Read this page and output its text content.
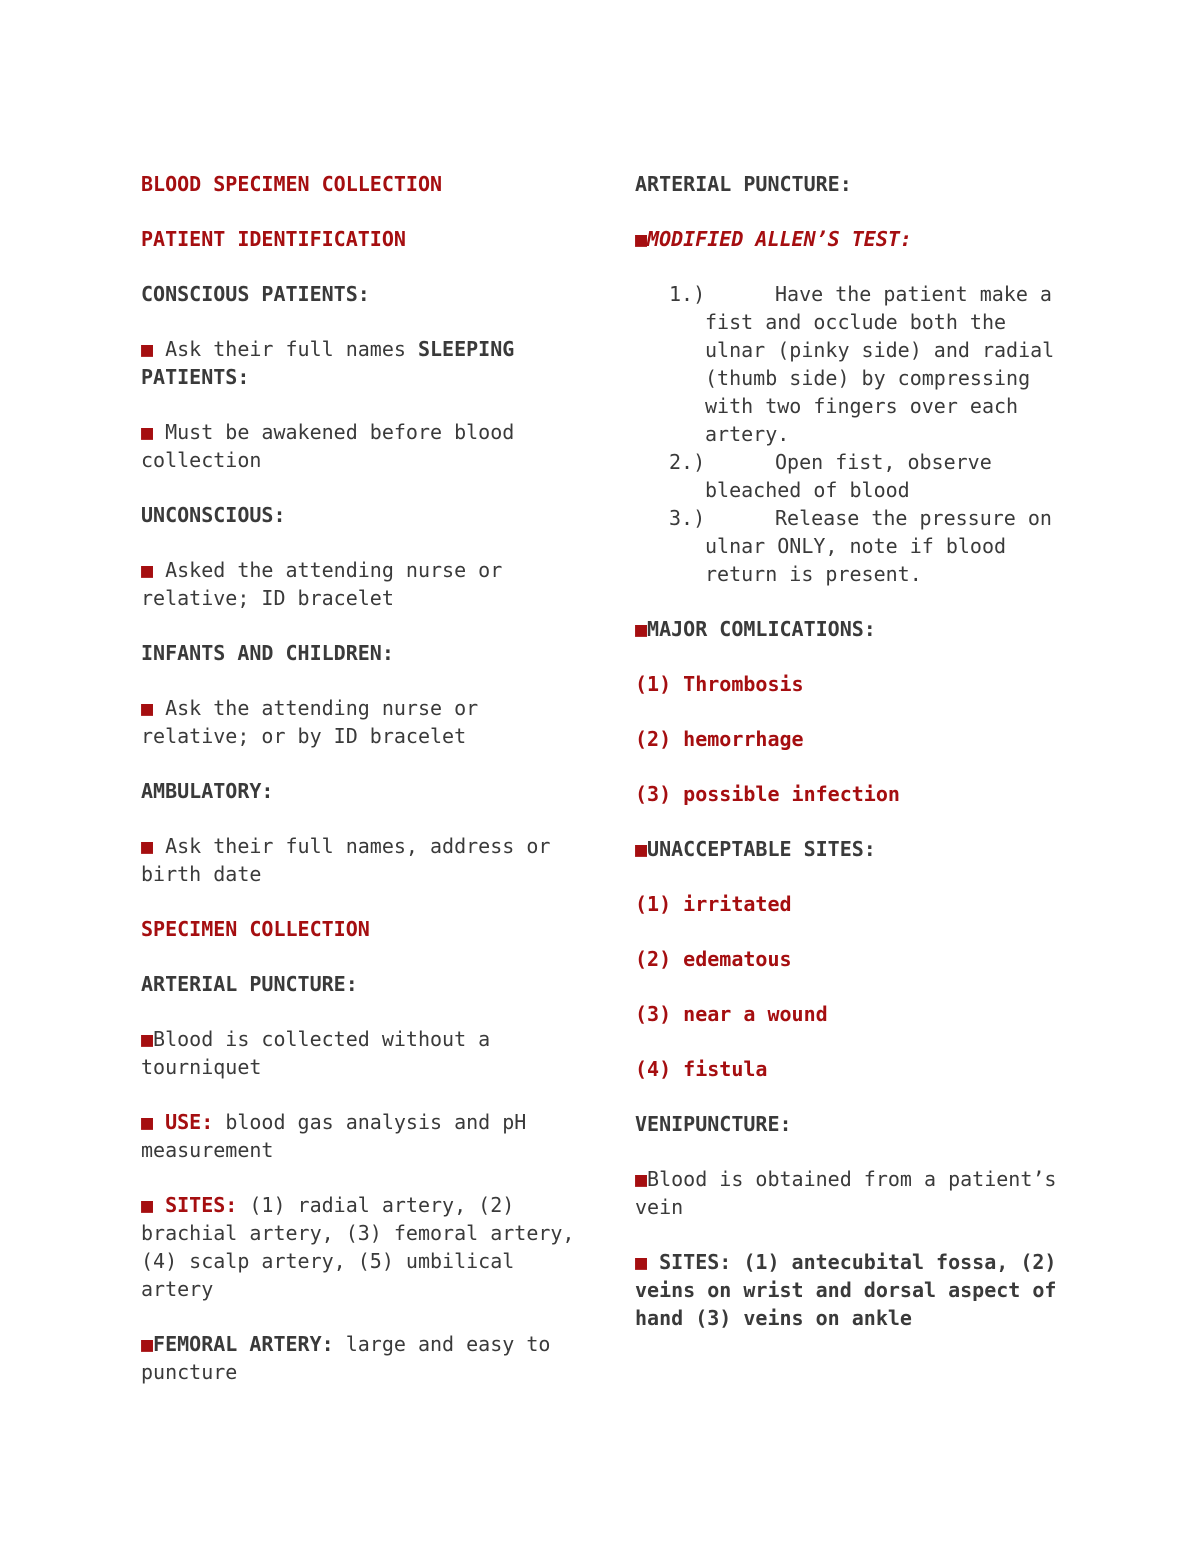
BLOOD SPECIMEN COLLECTION
PATIENT IDENTIFICATION
CONSCIOUS PATIENTS:
■ Ask their full names SLEEPING PATIENTS:
■ Must be awakened before blood collection
UNCONSCIOUS:
■ Asked the attending nurse or relative; ID bracelet
INFANTS AND CHILDREN:
■ Ask the attending nurse or relative; or by ID bracelet
AMBULATORY:
■ Ask their full names, address or birth date
SPECIMEN COLLECTION
ARTERIAL PUNCTURE:
■Blood is collected without a tourniquet
■ USE: blood gas analysis and pH measurement
■ SITES: (1) radial artery, (2) brachial artery, (3) femoral artery, (4) scalp artery, (5) umbilical artery
■FEMORAL ARTERY: large and easy to puncture
ARTERIAL PUNCTURE:
■MODIFIED ALLEN’S TEST:
1.)	Have the patient make a fist and occlude both the ulnar (pinky side) and radial (thumb side) by compressing with two fingers over each artery.
2.)	Open fist, observe bleached of blood
3.)	Release the pressure on ulnar ONLY, note if blood return is present.
■MAJOR COMLICATIONS:
(1) Thrombosis
(2) hemorrhage
(3) possible infection
■UNACCEPTABLE SITES:
(1) irritated
(2) edematous
(3) near a wound
(4) fistula
VENIPUNCTURE:
■Blood is obtained from a patient’s vein
■ SITES: (1) antecubital fossa, (2) veins on wrist and dorsal aspect of hand (3) veins on ankle
